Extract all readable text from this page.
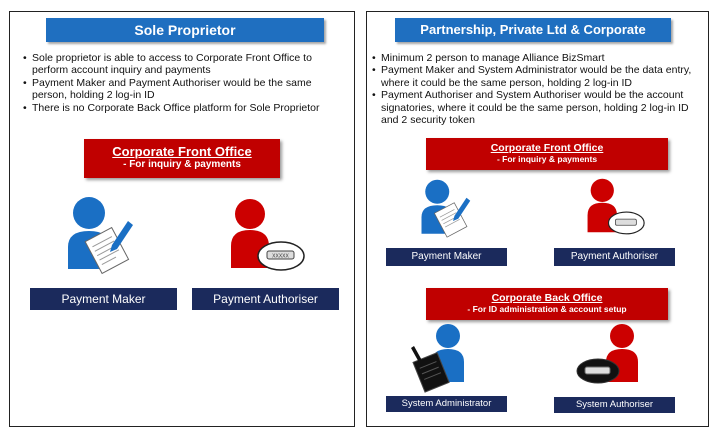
Sole Proprietor
• Sole proprietor is able to access to Corporate Front Office to perform account inquiry and payments
• Payment Maker and Payment Authoriser would be the same person, holding 2 log-in ID
• There is no Corporate Back Office platform for Sole Proprietor
Corporate Front Office
- For inquiry & payments
XXXXX
Payment Maker	Payment Authoriser
Partnership, Private Ltd & Corporate
• Minimum 2 person to manage Alliance BizSmart
• Payment Maker and System Administrator would be the data entry, where it could be the same person, holding 2 log-in ID
• Payment Authoriser and System Authoriser would be the account signatories, where it could be the same person, holding 2 log-in ID and 2 security token
Corporate Front Office
- For inquiry & payments
Payment Maker	Payment Authoriser
Corporate Back Office
- For ID administration & account setup
System Administrator	System Authoriser
